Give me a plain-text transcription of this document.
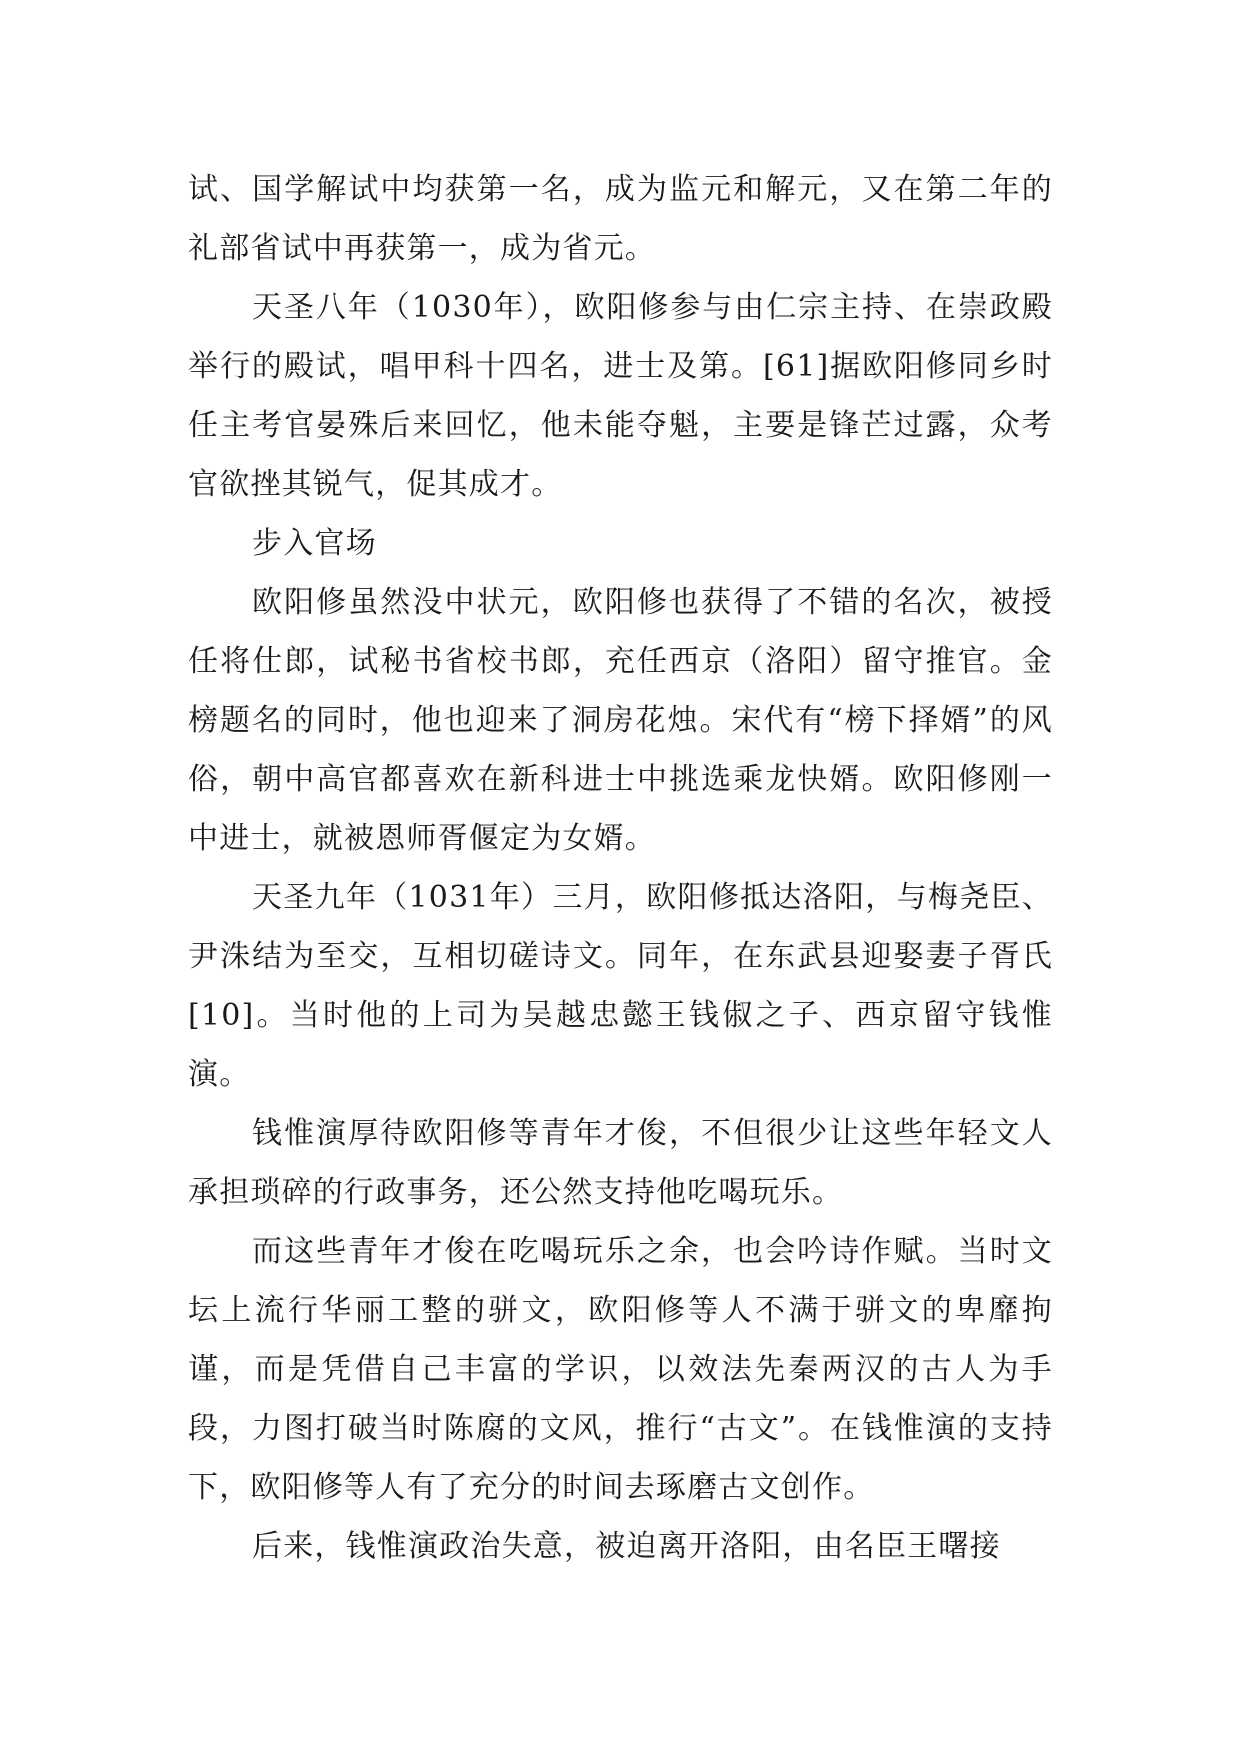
试、国学解试中均获第一名，成为监元和解元，又在第二年的礼部省试中再获第一，成为省元。

天圣八年（1030年），欧阳修参与由仁宗主持、在崇政殿举行的殿试，唱甲科十四名，进士及第。[61]据欧阳修同乡时任主考官晏殊后来回忆，他未能夺魁，主要是锋芒过露，众考官欲挫其锐气，促其成才。

步入官场

欧阳修虽然没中状元，欧阳修也获得了不错的名次，被授任将仕郎，试秘书省校书郎，充任西京（洛阳）留守推官。金榜题名的同时，他也迎来了洞房花烛。宋代有“榜下择婿”的风俗，朝中高官都喜欢在新科进士中挑选乘龙快婿。欧阳修刚一中进士，就被恩师胥偃定为女婿。

天圣九年（1031年）三月，欧阳修抵达洛阳，与梅尧臣、尹洙结为至交，互相切磋诗文。同年，在东武县迎娶妻子胥氏[10]。当时他的上司为吴越忠懿王钱俶之子、西京留守钱惟演。

钱惟演厚待欧阳修等青年才俊，不但很少让这些年轻文人承担琐碎的行政事务，还公然支持他吃喝玩乐。

而这些青年才俊在吃喝玩乐之余，也会吟诗作赋。当时文坛上流行华丽工整的骈文，欧阳修等人不满于骈文的卑靡拘谨，而是凭借自己丰富的学识，以效法先秦两汉的古人为手段，力图打破当时陈腐的文风，推行“古文”。在钱惟演的支持下，欧阳修等人有了充分的时间去琢磨古文创作。

后来，钱惟演政治失意，被迫离开洛阳，由名臣王曙接
